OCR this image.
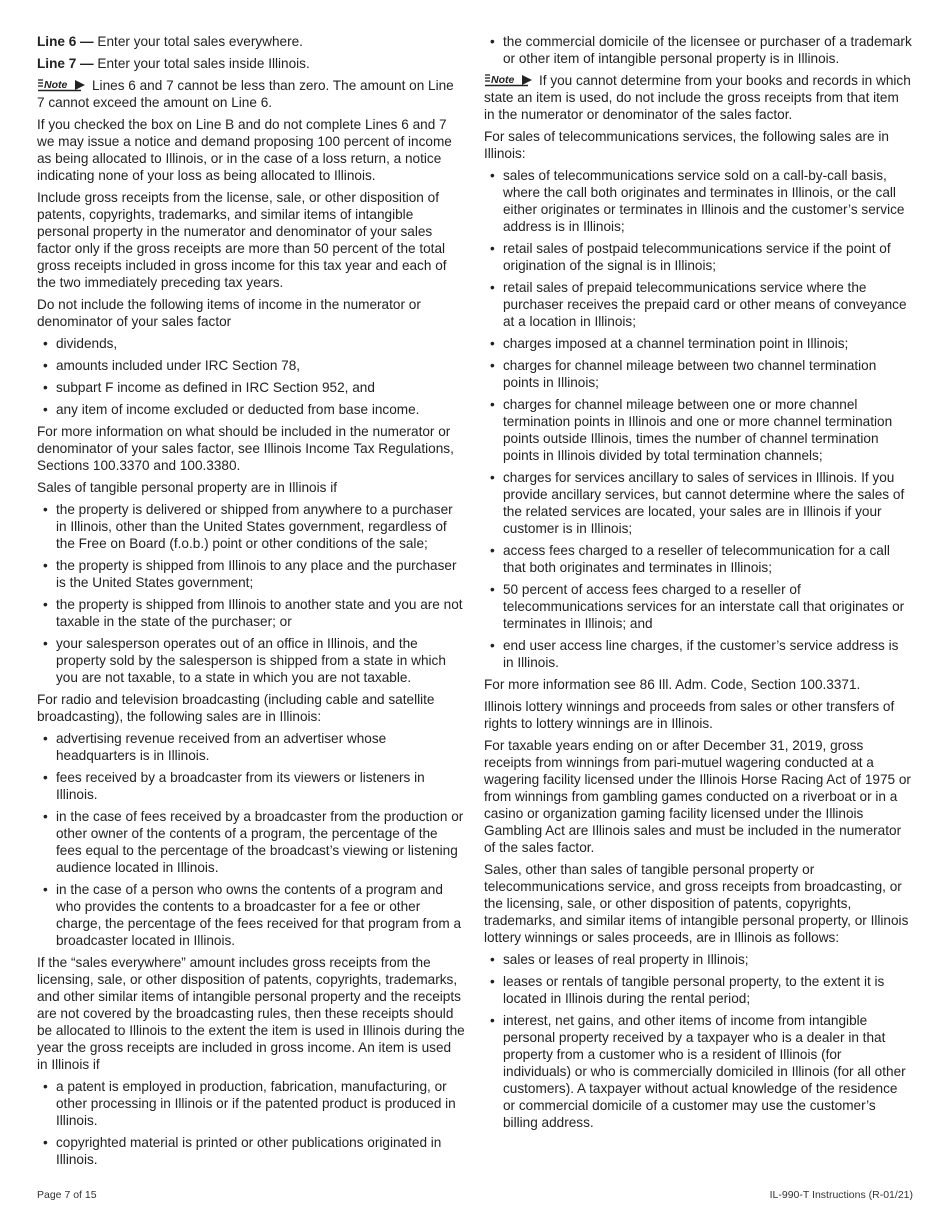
Line 6 — Enter your total sales everywhere.

Line 7 — Enter your total sales inside Illinois.

Note Lines 6 and 7 cannot be less than zero. The amount on Line 7 cannot exceed the amount on Line 6.

If you checked the box on Line B and do not complete Lines 6 and 7 we may issue a notice and demand proposing 100 percent of income as being allocated to Illinois, or in the case of a loss return, a notice indicating none of your loss as being allocated to Illinois.

Include gross receipts from the license, sale, or other disposition of patents, copyrights, trademarks, and similar items of intangible personal property in the numerator and denominator of your sales factor only if the gross receipts are more than 50 percent of the total gross receipts included in gross income for this tax year and each of the two immediately preceding tax years.

Do not include the following items of income in the numerator or denominator of your sales factor

• dividends,
• amounts included under IRC Section 78,
• subpart F income as defined in IRC Section 952, and
• any item of income excluded or deducted from base income.

For more information on what should be included in the numerator or denominator of your sales factor, see Illinois Income Tax Regulations, Sections 100.3370 and 100.3380.

Sales of tangible personal property are in Illinois if

• the property is delivered or shipped from anywhere to a purchaser in Illinois, other than the United States government, regardless of the Free on Board (f.o.b.) point or other conditions of the sale;
• the property is shipped from Illinois to any place and the purchaser is the United States government;
• the property is shipped from Illinois to another state and you are not taxable in the state of the purchaser; or
• your salesperson operates out of an office in Illinois, and the property sold by the salesperson is shipped from a state in which you are not taxable, to a state in which you are not taxable.

For radio and television broadcasting (including cable and satellite broadcasting), the following sales are in Illinois:

• advertising revenue received from an advertiser whose headquarters is in Illinois.
• fees received by a broadcaster from its viewers or listeners in Illinois.
• in the case of fees received by a broadcaster from the production or other owner of the contents of a program, the percentage of the fees equal to the percentage of the broadcast’s viewing or listening audience located in Illinois.
• in the case of a person who owns the contents of a program and who provides the contents to a broadcaster for a fee or other charge, the percentage of the fees received for that program from a broadcaster located in Illinois.

If the “sales everywhere” amount includes gross receipts from the licensing, sale, or other disposition of patents, copyrights, trademarks, and other similar items of intangible personal property and the receipts are not covered by the broadcasting rules, then these receipts should be allocated to Illinois to the extent the item is used in Illinois during the year the gross receipts are included in gross income. An item is used in Illinois if

• a patent is employed in production, fabrication, manufacturing, or other processing in Illinois or if the patented product is produced in Illinois.
• copyrighted material is printed or other publications originated in Illinois.
• the commercial domicile of the licensee or purchaser of a trademark or other item of intangible personal property is in Illinois.

Note If you cannot determine from your books and records in which state an item is used, do not include the gross receipts from that item in the numerator or denominator of the sales factor.

For sales of telecommunications services, the following sales are in Illinois:

• sales of telecommunications service sold on a call-by-call basis, where the call both originates and terminates in Illinois, or the call either originates or terminates in Illinois and the customer’s service address is in Illinois;
• retail sales of postpaid telecommunications service if the point of origination of the signal is in Illinois;
• retail sales of prepaid telecommunications service where the purchaser receives the prepaid card or other means of conveyance at a location in Illinois;
• charges imposed at a channel termination point in Illinois;
• charges for channel mileage between two channel termination points in Illinois;
• charges for channel mileage between one or more channel termination points in Illinois and one or more channel termination points outside Illinois, times the number of channel termination points in Illinois divided by total termination channels;
• charges for services ancillary to sales of services in Illinois. If you provide ancillary services, but cannot determine where the sales of the related services are located, your sales are in Illinois if your customer is in Illinois;
• access fees charged to a reseller of telecommunication for a call that both originates and terminates in Illinois;
• 50 percent of access fees charged to a reseller of telecommunications services for an interstate call that originates or terminates in Illinois; and
• end user access line charges, if the customer’s service address is in Illinois.

For more information see 86 Ill. Adm. Code, Section 100.3371.

Illinois lottery winnings and proceeds from sales or other transfers of rights to lottery winnings are in Illinois.

For taxable years ending on or after December 31, 2019, gross receipts from winnings from pari-mutuel wagering conducted at a wagering facility licensed under the Illinois Horse Racing Act of 1975 or from winnings from gambling games conducted on a riverboat or in a casino or organization gaming facility licensed under the Illinois Gambling Act are Illinois sales and must be included in the numerator of the sales factor.

Sales, other than sales of tangible personal property or telecommunications service, and gross receipts from broadcasting, or the licensing, sale, or other disposition of patents, copyrights, trademarks, and similar items of intangible personal property, or Illinois lottery winnings or sales proceeds, are in Illinois as follows:

• sales or leases of real property in Illinois;
• leases or rentals of tangible personal property, to the extent it is located in Illinois during the rental period;
• interest, net gains, and other items of income from intangible personal property received by a taxpayer who is a dealer in that property from a customer who is a resident of Illinois (for individuals) or who is commercially domiciled in Illinois (for all other customers). A taxpayer without actual knowledge of the residence or commercial domicile of a customer may use the customer’s billing address.
Page 7 of 15	IL-990-T Instructions (R-01/21)
